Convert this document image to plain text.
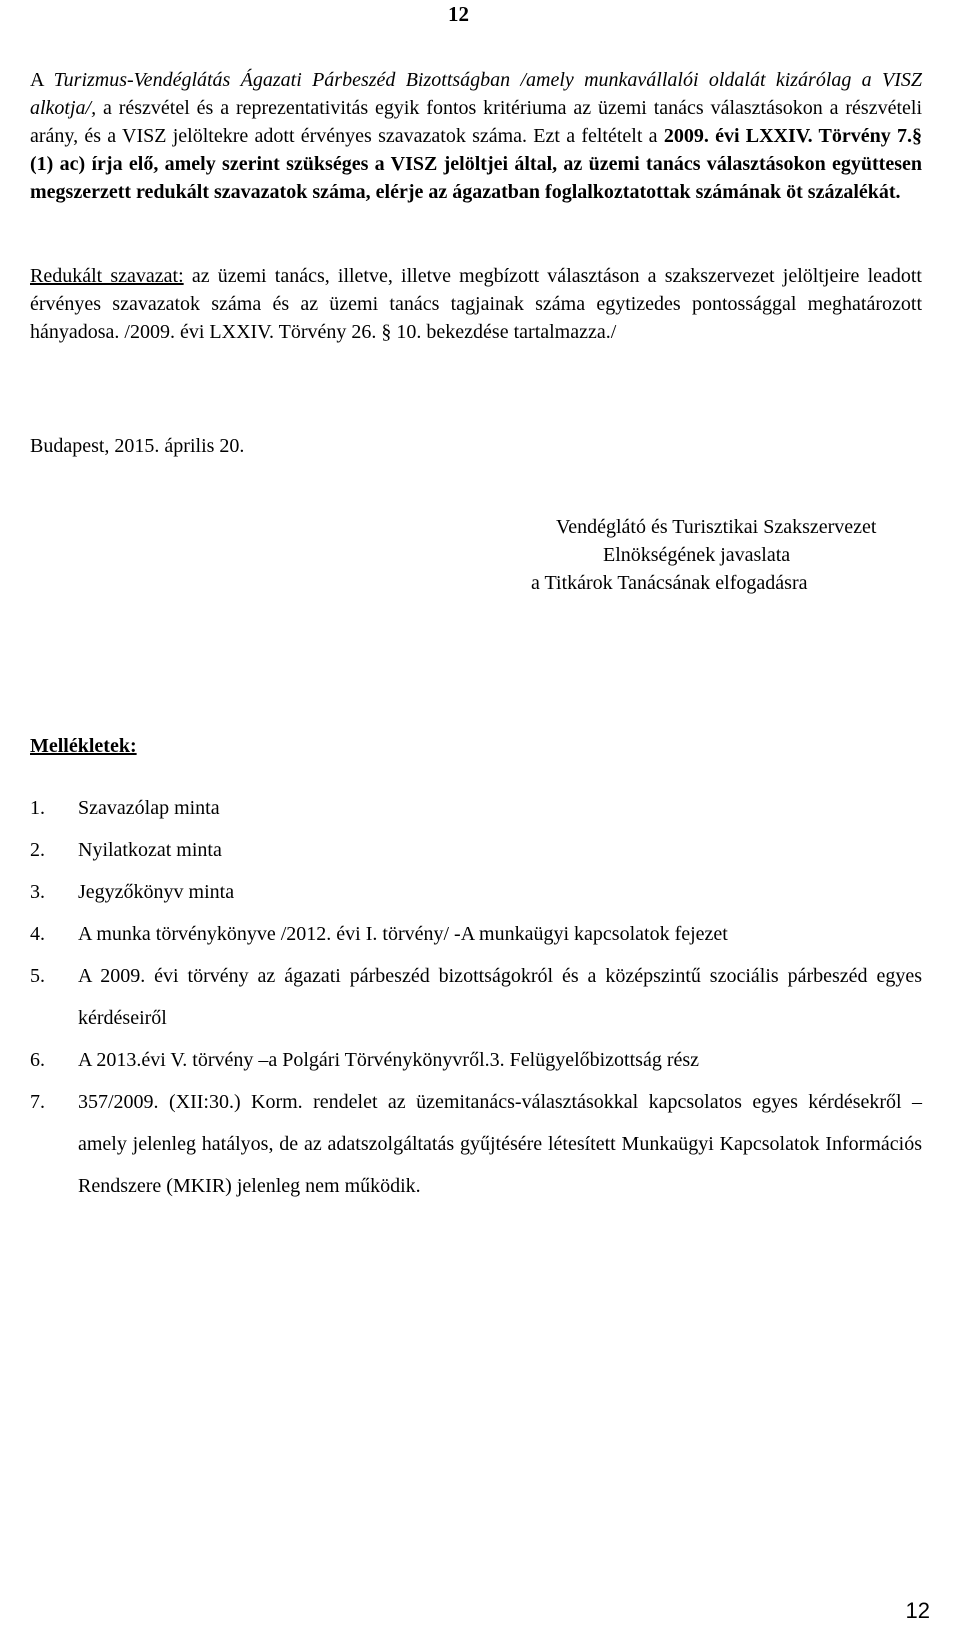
12
A Turizmus-Vendéglátás Ágazati Párbeszéd Bizottságban /amely munkavállalói oldalát kizárólag a VISZ alkotja/, a részvétel és a reprezentativitás egyik fontos kritériuma az üzemi tanács választásokon a részvételi arány, és a VISZ jelöltekre adott érvényes szavazatok száma. Ezt a feltételt a 2009. évi LXXIV. Törvény 7.§ (1) ac) írja elő, amely szerint szükséges a VISZ jelöltjei által, az üzemi tanács választásokon együttesen megszerzett redukált szavazatok száma, elérje az ágazatban foglalkoztatottak számának öt százalékát.
Redukált szavazat: az üzemi tanács, illetve, illetve megbízott választáson a szakszervezet jelöltjeire leadott érvényes szavazatok száma és az üzemi tanács tagjainak száma egytizedes pontossággal meghatározott hányadosa. /2009. évi LXXIV. Törvény 26. § 10. bekezdése tartalmazza./
Budapest, 2015. április 20.
Vendéglátó és Turisztikai Szakszervezet
Elnökségének javaslata
a Titkárok Tanácsának elfogadásra
Mellékletek:
1. Szavazólap minta
2. Nyilatkozat minta
3. Jegyzőkönyv minta
4. A munka törvénykönyve /2012. évi I. törvény/ -A munkaügyi kapcsolatok fejezet
5. A 2009. évi törvény az ágazati párbeszéd bizottságokról és a középszintű szociális párbeszéd egyes kérdéseiről
6. A 2013.évi V. törvény –a Polgári Törvénykönyvről.3. Felügyelőbizottság rész
7. 357/2009. (XII:30.) Korm. rendelet az üzemitanács-választásokkal kapcsolatos egyes kérdésekről – amely jelenleg hatályos, de az adatszolgáltatás gyűjtésére létesített Munkaügyi Kapcsolatok Információs Rendszere (MKIR) jelenleg nem működik.
12
